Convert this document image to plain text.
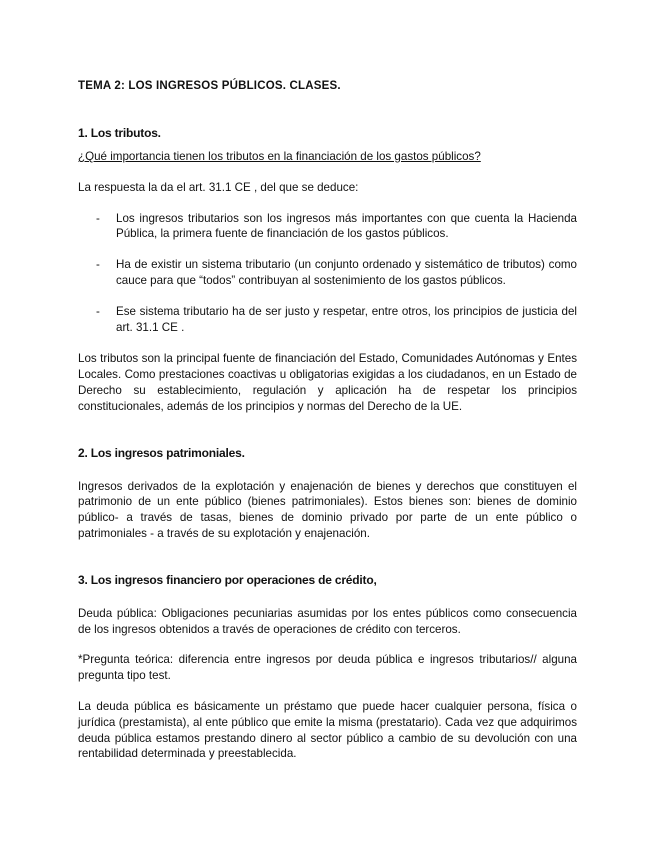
TEMA 2: LOS INGRESOS PÚBLICOS. CLASES.
1. Los tributos.

¿Qué importancia tienen los tributos en la financiación de los gastos públicos?

La respuesta la da el art. 31.1 CE , del que se deduce:

- Los ingresos tributarios son los ingresos más importantes con que cuenta la Hacienda Pública, la primera fuente de financiación de los gastos públicos.
- Ha de existir un sistema tributario (un conjunto ordenado y sistemático de tributos) como cauce para que “todos” contribuyan al sostenimiento de los gastos públicos.
- Ese sistema tributario ha de ser justo y respetar, entre otros, los principios de justicia del art. 31.1 CE .

Los tributos son la principal fuente de financiación del Estado, Comunidades Autónomas y Entes Locales. Como prestaciones coactivas u obligatorias exigidas a los ciudadanos, en un Estado de Derecho su establecimiento, regulación y aplicación ha de respetar los principios constitucionales, además de los principios y normas del Derecho de la UE.

2. Los ingresos patrimoniales.

Ingresos derivados de la explotación y enajenación de bienes y derechos que constituyen el patrimonio de un ente público (bienes patrimoniales). Estos bienes son: bienes de dominio público- a través de tasas, bienes de dominio privado por parte de un ente público o patrimoniales - a través de su explotación y enajenación.

3. Los ingresos financiero por operaciones de crédito,

Deuda pública: Obligaciones pecuniarias asumidas por los entes públicos como consecuencia de los ingresos obtenidos a través de operaciones de crédito con terceros.

*Pregunta teórica: diferencia entre ingresos por deuda pública e ingresos tributarios// alguna pregunta tipo test.

La deuda pública es básicamente un préstamo que puede hacer cualquier persona, física o jurídica (prestamista), al ente público que emite la misma (prestatario). Cada vez que adquirimos deuda pública estamos prestando dinero al sector público a cambio de su devolución con una rentabilidad determinada y preestablecida.
